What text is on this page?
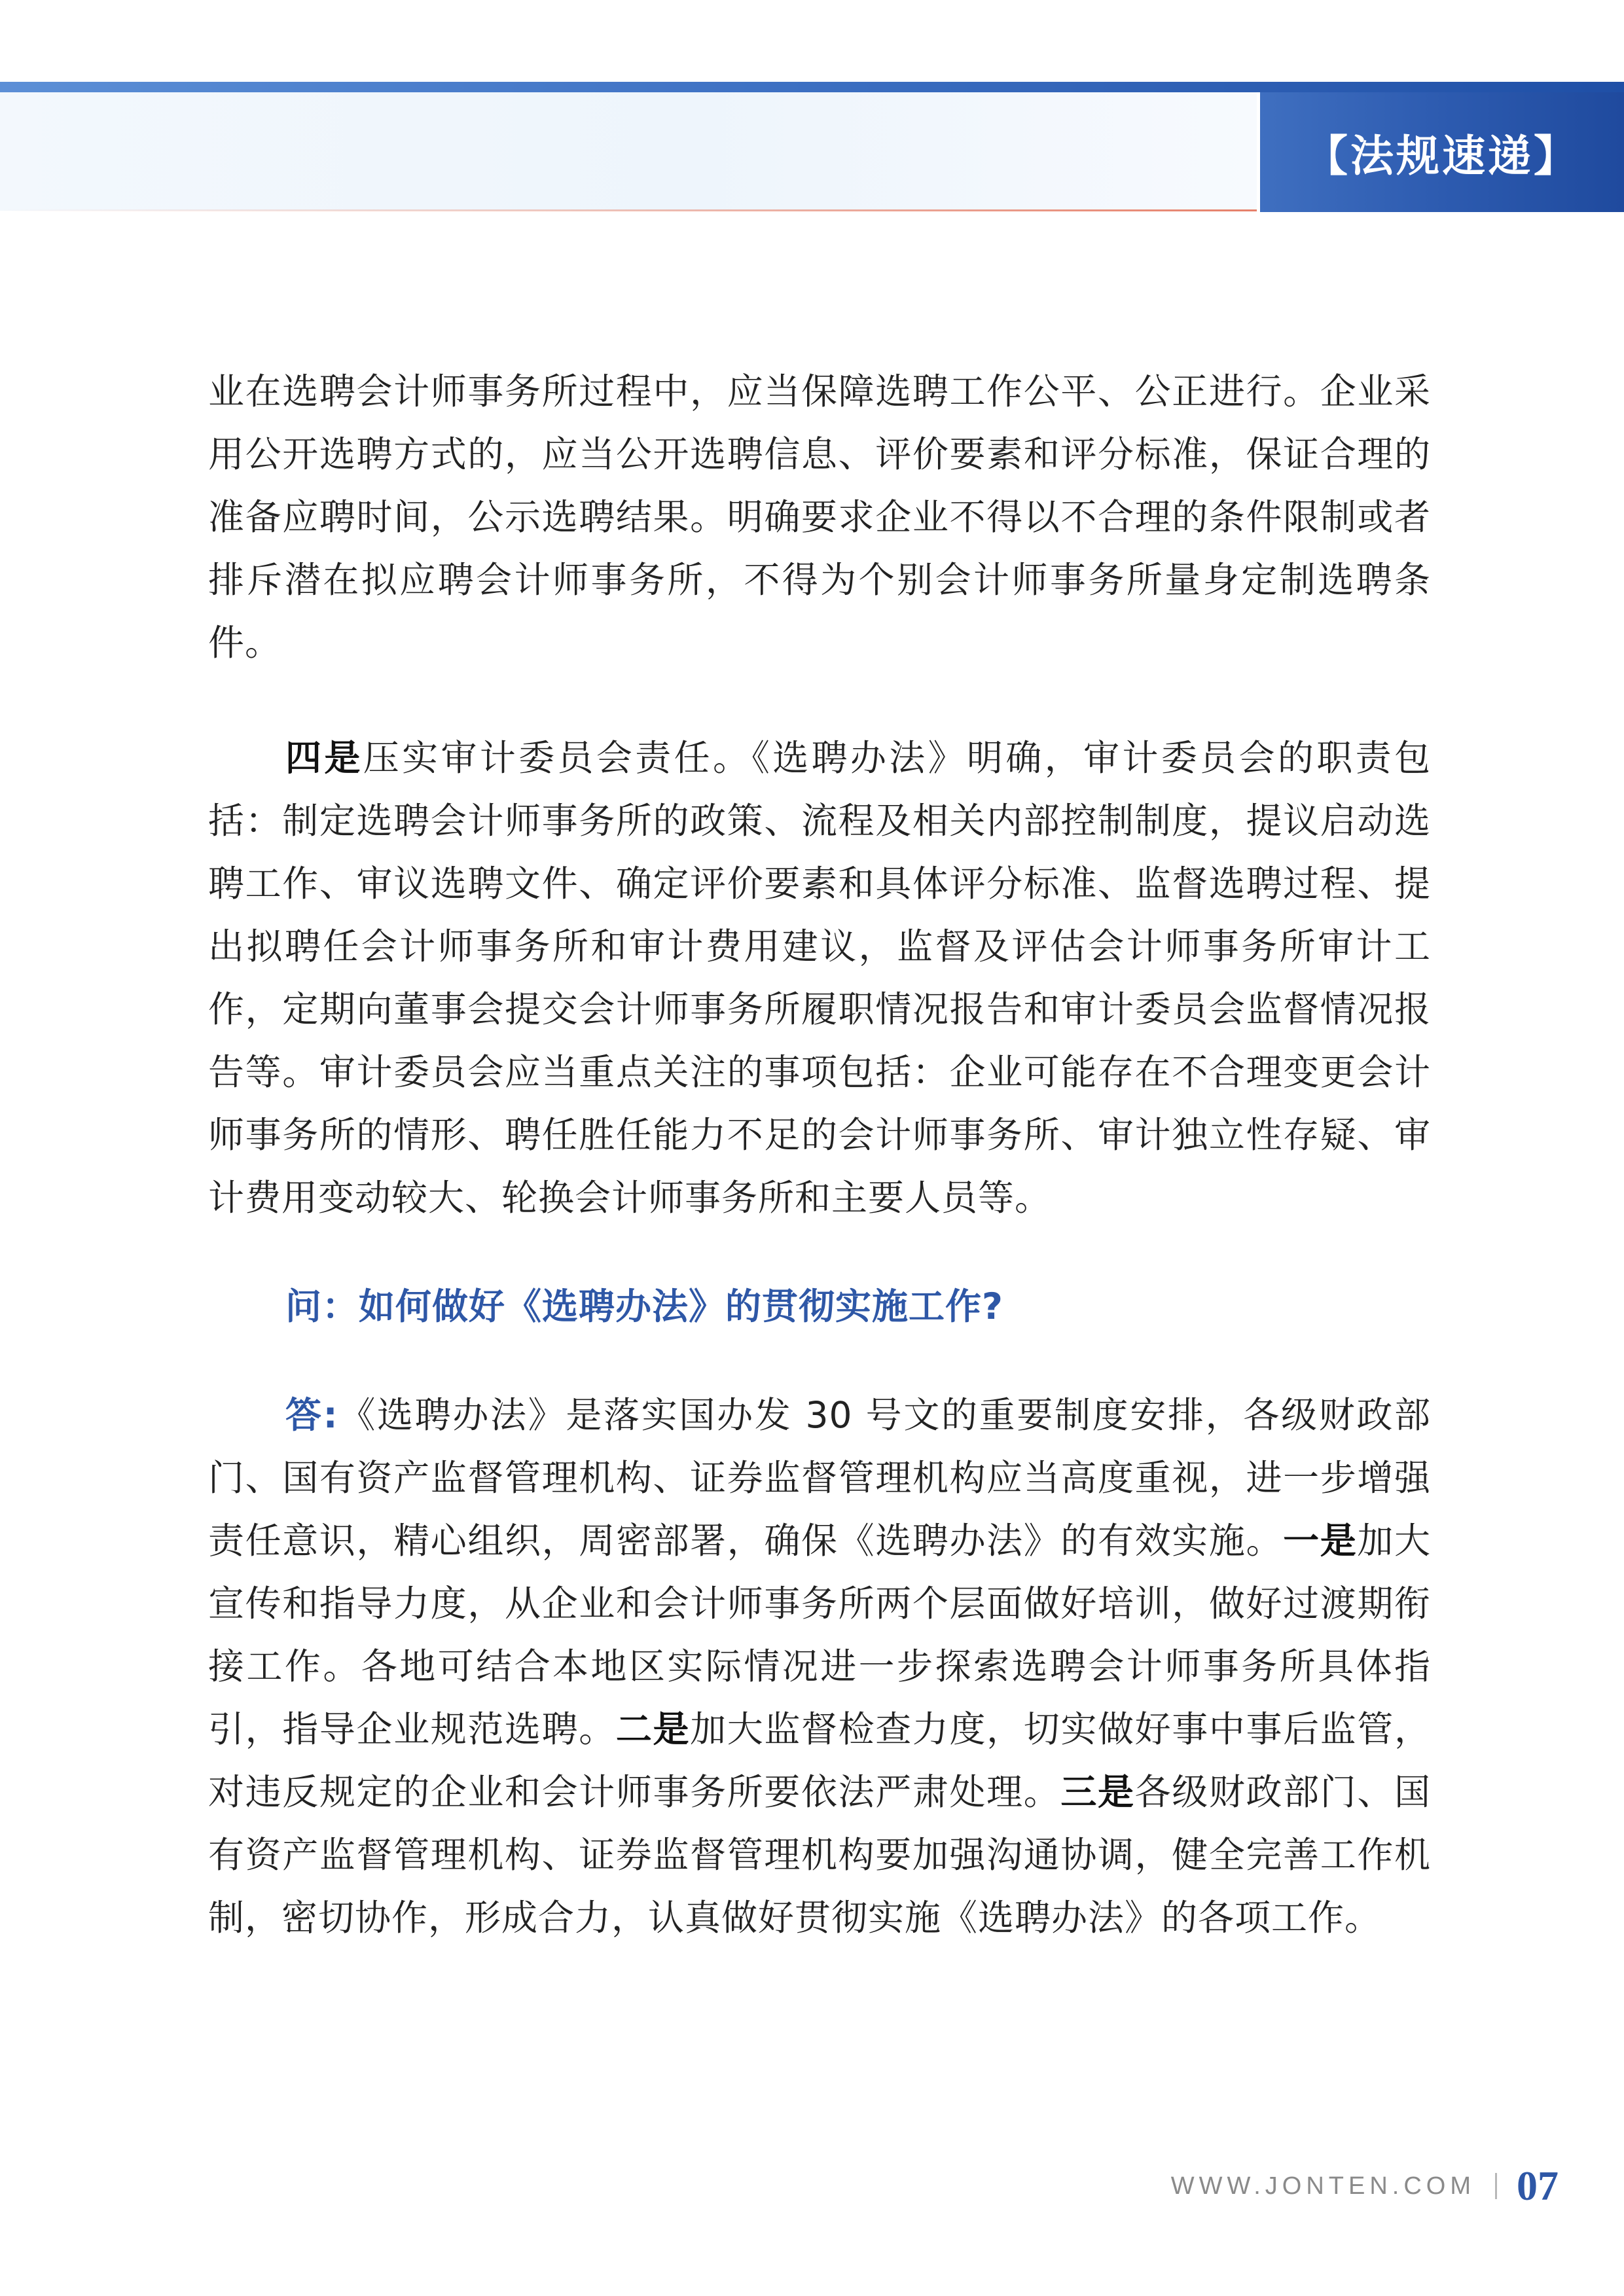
【法规速递】

业在选聘会计师事务所过程中，应当保障选聘工作公平、公正进行。企业采用公开选聘方式的，应当公开选聘信息、评价要素和评分标准，保证合理的准备应聘时间，公示选聘结果。明确要求企业不得以不合理的条件限制或者排斥潜在拟应聘会计师事务所，不得为个别会计师事务所量身定制选聘条件。

四是压实审计委员会责任。《选聘办法》明确，审计委员会的职责包括：制定选聘会计师事务所的政策、流程及相关内部控制制度，提议启动选聘工作、审议选聘文件、确定评价要素和具体评分标准、监督选聘过程、提出拟聘任会计师事务所和审计费用建议，监督及评估会计师事务所审计工作，定期向董事会提交会计师事务所履职情况报告和审计委员会监督情况报告等。审计委员会应当重点关注的事项包括：企业可能存在不合理变更会计师事务所的情形、聘任胜任能力不足的会计师事务所、审计独立性存疑、审计费用变动较大、轮换会计师事务所和主要人员等。

问：如何做好《选聘办法》的贯彻实施工作?

答:《选聘办法》是落实国办发 30 号文的重要制度安排，各级财政部门、国有资产监督管理机构、证券监督管理机构应当高度重视，进一步增强责任意识，精心组织，周密部署，确保《选聘办法》的有效实施。一是加大宣传和指导力度，从企业和会计师事务所两个层面做好培训，做好过渡期衔接工作。各地可结合本地区实际情况进一步探索选聘会计师事务所具体指引，指导企业规范选聘。二是加大监督检查力度，切实做好事中事后监管，对违反规定的企业和会计师事务所要依法严肃处理。三是各级财政部门、国有资产监督管理机构、证券监督管理机构要加强沟通协调，健全完善工作机制，密切协作，形成合力，认真做好贯彻实施《选聘办法》的各项工作。

WWW.JONTEN.COM 07
